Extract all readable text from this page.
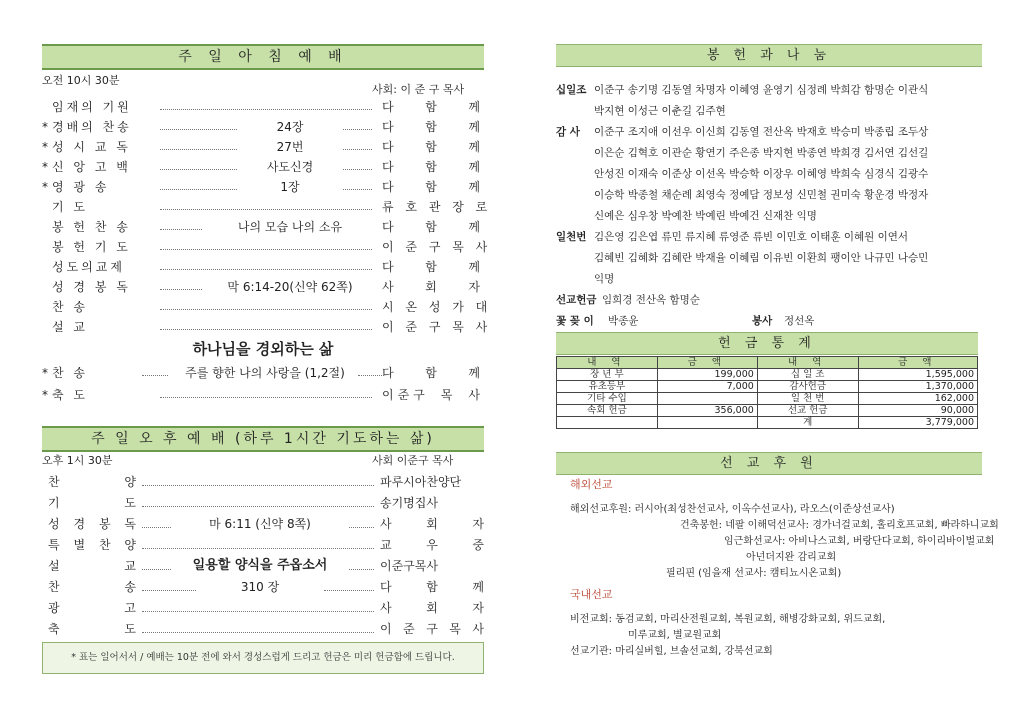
주 일 아 침 예 배
오전 10시 30분
사회: 이 준 구 목사
임재의 기원	다 함 께
* 경배의 찬송	24장	다 함 께
* 성 시 교 독	27번	다 함 께
* 신 앙 고 백	사도신경	다 함 께
* 영 광 송	1장	다 함 께
기 도	류 호 관 장 로
봉 헌 찬 송	나의 모습 나의 소유	다 함 께
봉 헌 기 도	이 준 구 목 사
성도의교제	다 함 께
성 경 봉 독	막 6:14-20(신약 62쪽)	사 회 자
찬 송	시 온 성 가 대
설 교	이 준 구 목 사
하나님을 경외하는 삶
* 찬 송	주를 향한 나의 사랑을 (1,2절)	다 함 께
* 축 도	이준구 목 사
주 일 오 후 예 배 (하루 1시간 기도하는 삶)
오후 1시 30분	사회 이준구 목사
찬 양	파루시아찬양단
기 도	송기명집사
성 경 봉 독	마 6:11 (신약 8쪽)	사 회 자
특 별 찬 양	교 우 중
설 교	일용할 양식을 주옵소서	이준구목사
찬 송	310 장	다 함 께
광 고	사 회 자
축 도	이 준 구 목 사
* 표는 일어서서 / 예배는 10분 전에 와서 경성스럽게 드리고 헌금은 미리 헌금함에 드립니다.
봉 헌 과 나 눔
십일조 이준구 송기명 김동열 차명자 이혜영 윤영기 심정례 박희감 함명순 이관식
박지현 이성근 이춘길 김주현
감 사 이준구 조지애 이선우 이신희 김동열 전산옥 박재호 박승미 박종립 조두상
이은순 김혁호 이관순 황연기 주은종 박지현 박종연 박희경 김서연 김선길
안성진 이재숙 이준상 이선옥 박승학 이장우 이혜영 박희숙 심경식 김광수
이승학 박종철 채순례 최영숙 정예담 정보성 신민철 권미숙 황운경 박정자
신예은 심우창 박예찬 박예린 박예건 신재찬 익명
일천번 김은영 김은엽 류민 류지혜 류영준 류빈 이민호 이태훈 이혜원 이연서
김혜빈 김혜화 김혜란 박재율 이혜림 이유빈 이환희 팽이안 나규민 나승민
익명
선교헌금 임희경 전산옥 함명순
꽃 꽂 이 박종윤	봉사 정선옥
헌 금 통 계
내 역	금 액	내 역	금 액
장 년 부	199,000	십 일 조	1,595,000
유초등부	7,000	감사헌금	1,370,000
기타 수입		일 천 번	162,000
속회 헌금	356,000	선교 헌금	90,000
		계	3,779,000
선 교 후 원
해외선교
해외선교후원: 러시아(최성찬선교사, 이옥수선교사), 라오스(이준상선교사)
건축봉헌: 네팔 이해덕선교사: 경가너걸교회, 홀리호프교회, 빠라하니교회
임근화선교사: 아비나스교회, 버랑단다교회, 하이리바이벌교회
아넌더지완 감리교회
필리핀 (임을재 선교사: 캠티뇨시온교회)
국내선교
비전교회: 동검교회, 마리산전원교회, 복원교회, 해병강화교회, 위드교회,
미루교회, 별교원교회
선교기관: 마리실버힐, 브솔선교회, 강북선교회
